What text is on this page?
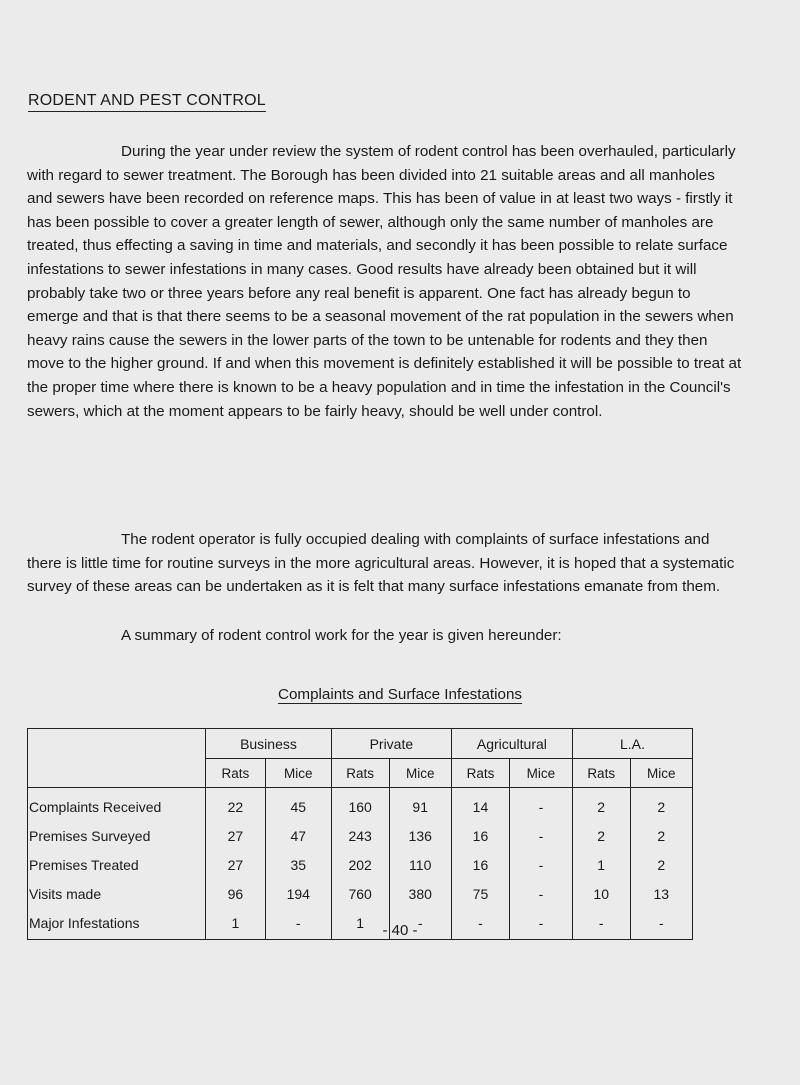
RODENT AND PEST CONTROL

During the year under review the system of rodent control has been overhauled, particularly with regard to sewer treatment. The Borough has been divided into 21 suitable areas and all manholes and sewers have been recorded on reference maps. This has been of value in at least two ways - firstly it has been possible to cover a greater length of sewer, although only the same number of manholes are treated, thus effecting a saving in time and materials, and secondly it has been possible to relate surface infestations to sewer infestations in many cases. Good results have already been obtained but it will probably take two or three years before any real benefit is apparent. One fact has already begun to emerge and that is that there seems to be a seasonal movement of the rat population in the sewers when heavy rains cause the sewers in the lower parts of the town to be untenable for rodents and they then move to the higher ground. If and when this movement is definitely established it will be possible to treat at the proper time where there is known to be a heavy population and in time the infestation in the Council's sewers, which at the moment appears to be fairly heavy, should be well under control.

The rodent operator is fully occupied dealing with complaints of surface infestations and there is little time for routine surveys in the more agricultural areas. However, it is hoped that a systematic survey of these areas can be undertaken as it is felt that many surface infestations emanate from them.

A summary of rodent control work for the year is given hereunder:

Complaints and Surface Infestations
	Business		Private		Agricultural		L.A.	
	Rats	Mice	Rats	Mice	Rats	Mice	Rats	Mice
Complaints Received	22	45	160	91	14	-	2	2
Premises Surveyed	27	47	243	136	16	-	2	2
Premises Treated	27	35	202	110	16	-	1	2
Visits made	96	194	760	380	75	-	10	13
Major Infestations	1	-	1	-	-	-	-	-
- 40 -
